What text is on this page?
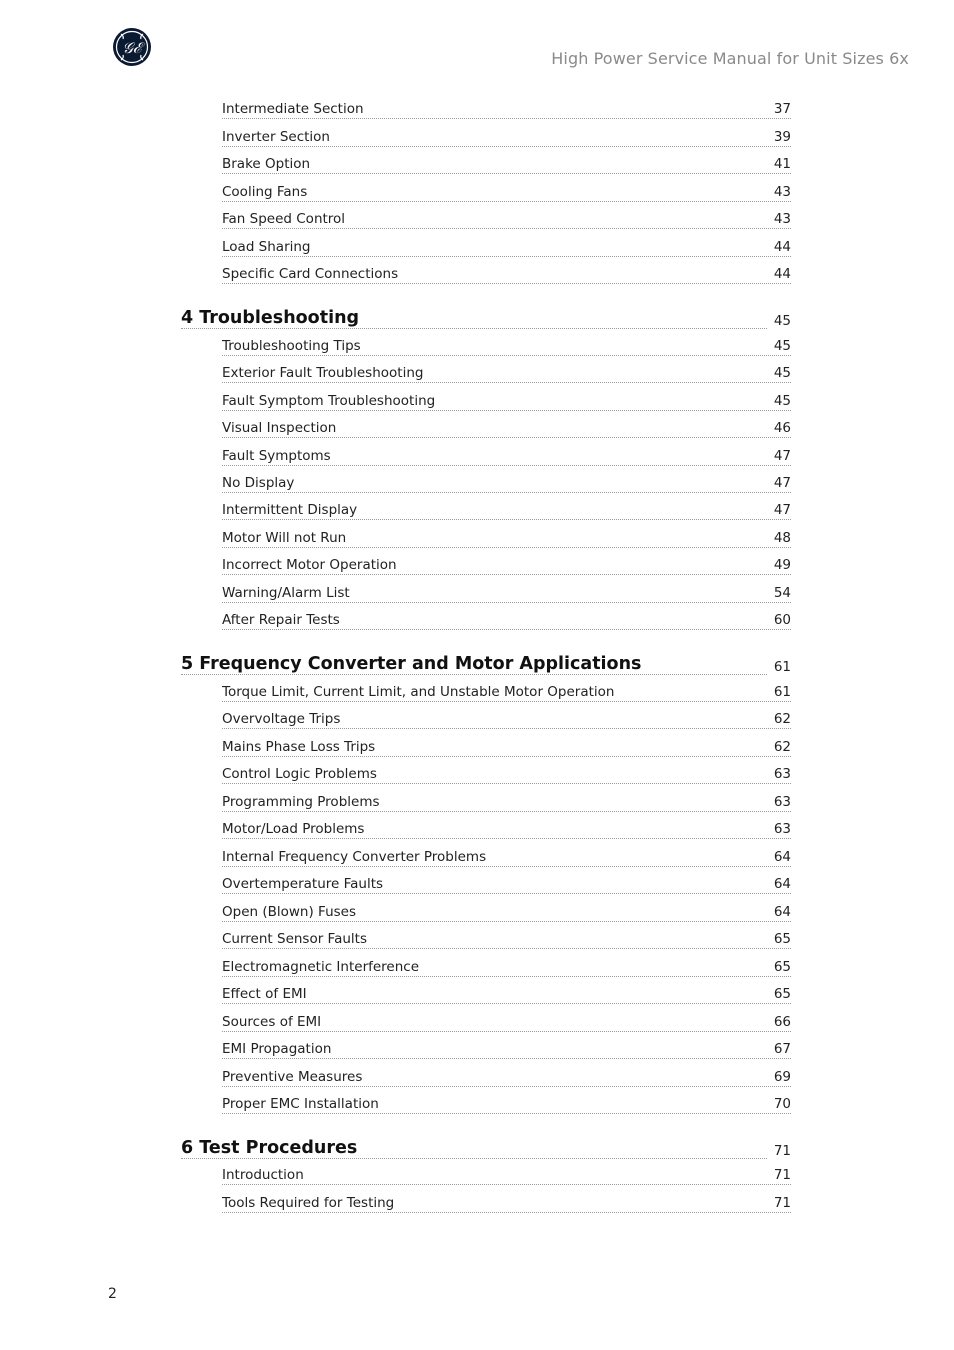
𝒢ℰ
High Power Service Manual for Unit Sizes 6x
Intermediate Section	37
Inverter Section	39
Brake Option	41
Cooling Fans	43
Fan Speed Control	43
Load Sharing	44
Specific Card Connections	44
4 Troubleshooting	45
Troubleshooting Tips	45
Exterior Fault Troubleshooting	45
Fault Symptom Troubleshooting	45
Visual Inspection	46
Fault Symptoms	47
No Display	47
Intermittent Display	47
Motor Will not Run	48
Incorrect Motor Operation	49
Warning/Alarm List	54
After Repair Tests	60
5 Frequency Converter and Motor Applications	61
Torque Limit, Current Limit, and Unstable Motor Operation	61
Overvoltage Trips	62
Mains Phase Loss Trips	62
Control Logic Problems	63
Programming Problems	63
Motor/Load Problems	63
Internal Frequency Converter Problems	64
Overtemperature Faults	64
Open (Blown) Fuses	64
Current Sensor Faults	65
Electromagnetic Interference	65
Effect of EMI	65
Sources of EMI	66
EMI Propagation	67
Preventive Measures	69
Proper EMC Installation	70
6 Test Procedures	71
Introduction	71
Tools Required for Testing	71
2
